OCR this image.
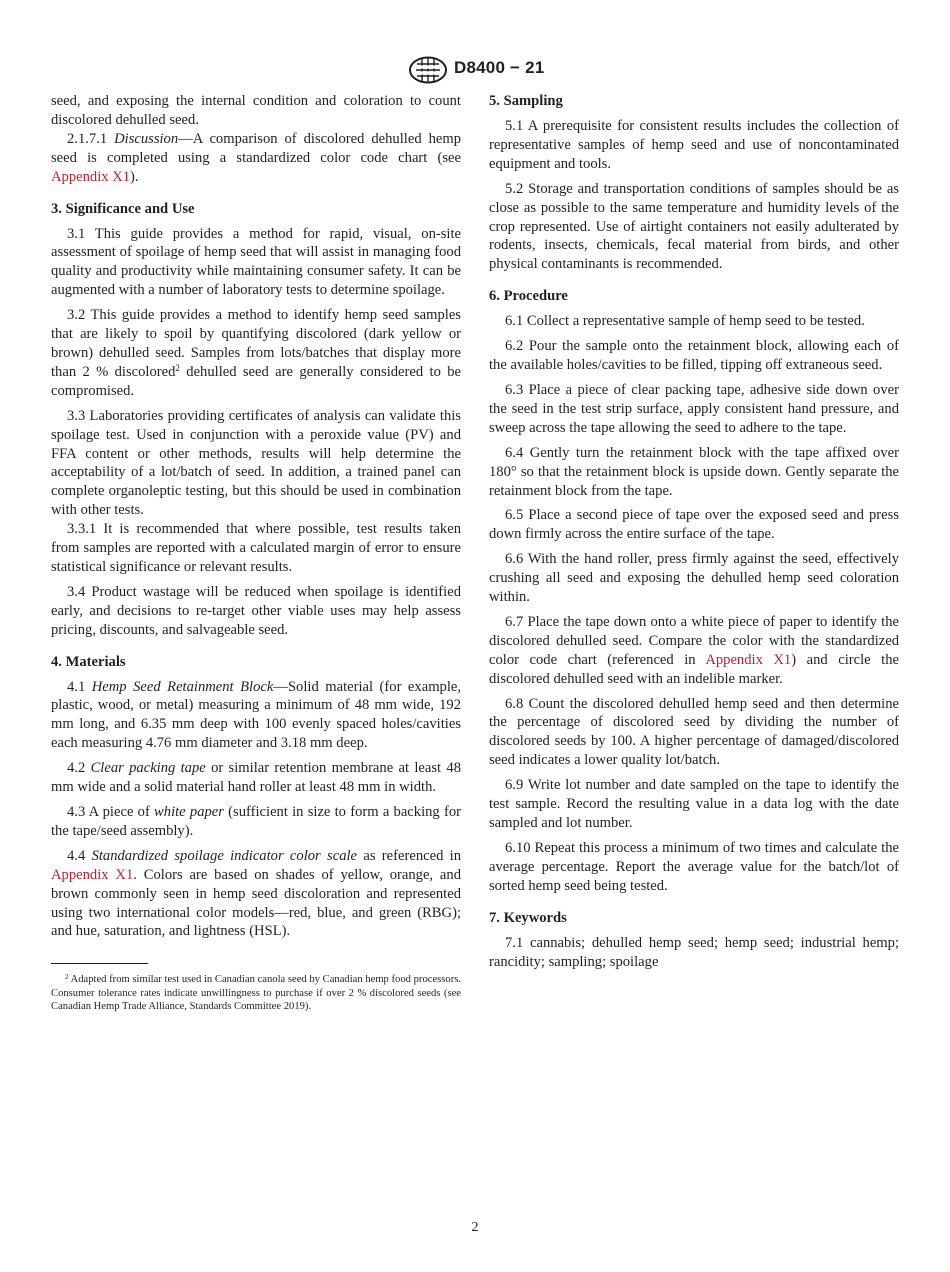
D8400 − 21

seed, and exposing the internal condition and coloration to count discolored dehulled seed.

2.1.7.1 Discussion—A comparison of discolored dehulled hemp seed is completed using a standardized color code chart (see Appendix X1).

3. Significance and Use

3.1 This guide provides a method for rapid, visual, on-site assessment of spoilage of hemp seed that will assist in managing food quality and productivity while maintaining consumer safety. It can be augmented with a number of laboratory tests to determine spoilage.

3.2 This guide provides a method to identify hemp seed samples that are likely to spoil by quantifying discolored (dark yellow or brown) dehulled seed. Samples from lots/batches that display more than 2 % discolored$^2$ dehulled seed are generally considered to be compromised.

3.3 Laboratories providing certificates of analysis can validate this spoilage test. Used in conjunction with a peroxide value (PV) and FFA content or other methods, results will help determine the acceptability of a lot/batch of seed. In addition, a trained panel can complete organoleptic testing, but this should be used in combination with other tests.

3.3.1 It is recommended that where possible, test results taken from samples are reported with a calculated margin of error to ensure statistical significance or relevant results.

3.4 Product wastage will be reduced when spoilage is identified early, and decisions to re-target other viable uses may help assess pricing, discounts, and salvageable seed.

4. Materials

4.1 Hemp Seed Retainment Block—Solid material (for example, plastic, wood, or metal) measuring a minimum of 48 mm wide, 192 mm long, and 6.35 mm deep with 100 evenly spaced holes/cavities each measuring 4.76 mm diameter and 3.18 mm deep.

4.2 Clear packing tape or similar retention membrane at least 48 mm wide and a solid material hand roller at least 48 mm in width.

4.3 A piece of white paper (sufficient in size to form a backing for the tape/seed assembly).

4.4 Standardized spoilage indicator color scale as referenced in Appendix X1. Colors are based on shades of yellow, orange, and brown commonly seen in hemp seed discoloration and represented using two international color models—red, blue, and green (RBG); and hue, saturation, and lightness (HSL).

$^2$ Adapted from similar test used in Canadian canola seed by Canadian hemp food processors. Consumer tolerance rates indicate unwillingness to purchase if over 2 % discolored seeds (see Canadian Hemp Trade Alliance, Standards Committee 2019).

5. Sampling

5.1 A prerequisite for consistent results includes the collection of representative samples of hemp seed and use of noncontaminated equipment and tools.

5.2 Storage and transportation conditions of samples should be as close as possible to the same temperature and humidity levels of the crop represented. Use of airtight containers not easily adulterated by rodents, insects, chemicals, fecal material from birds, and other physical contaminants is recommended.

6. Procedure

6.1 Collect a representative sample of hemp seed to be tested.

6.2 Pour the sample onto the retainment block, allowing each of the available holes/cavities to be filled, tipping off extraneous seed.

6.3 Place a piece of clear packing tape, adhesive side down over the seed in the test strip surface, apply consistent hand pressure, and sweep across the tape allowing the seed to adhere to the tape.

6.4 Gently turn the retainment block with the tape affixed over 180° so that the retainment block is upside down. Gently separate the retainment block from the tape.

6.5 Place a second piece of tape over the exposed seed and press down firmly across the entire surface of the tape.

6.6 With the hand roller, press firmly against the seed, effectively crushing all seed and exposing the dehulled hemp seed coloration within.

6.7 Place the tape down onto a white piece of paper to identify the discolored dehulled seed. Compare the color with the standardized color code chart (referenced in Appendix X1) and circle the discolored dehulled seed with an indelible marker.

6.8 Count the discolored dehulled hemp seed and then determine the percentage of discolored seed by dividing the number of discolored seeds by 100. A higher percentage of damaged/discolored seed indicates a lower quality lot/batch.

6.9 Write lot number and date sampled on the tape to identify the test sample. Record the resulting value in a data log with the date sampled and lot number.

6.10 Repeat this process a minimum of two times and calculate the average percentage. Report the average value for the batch/lot of sorted hemp seed being tested.

7. Keywords

7.1 cannabis; dehulled hemp seed; hemp seed; industrial hemp; rancidity; sampling; spoilage

2
